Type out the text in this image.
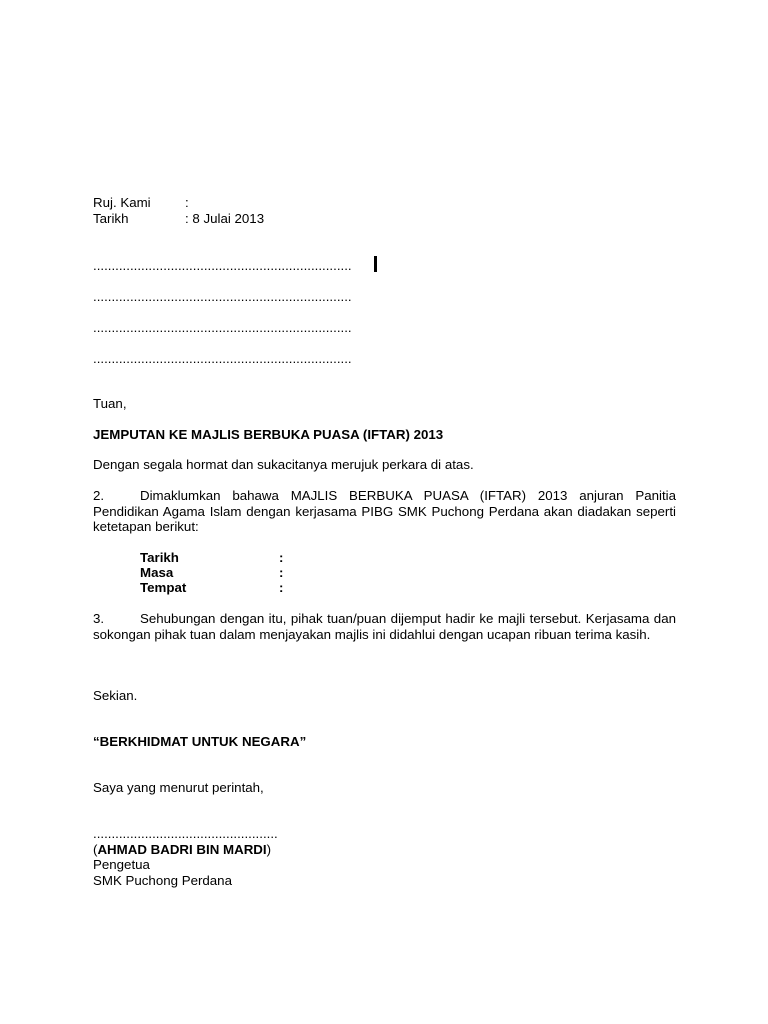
Ruj. Kami	:
Tarikh	: 8 Julai 2013
......................................................................
......................................................................
......................................................................
......................................................................
Tuan,
JEMPUTAN KE MAJLIS BERBUKA PUASA (IFTAR) 2013
Dengan segala hormat dan sukacitanya merujuk perkara di atas.
2.	Dimaklumkan bahawa MAJLIS BERBUKA PUASA (IFTAR) 2013 anjuran Panitia Pendidikan Agama Islam dengan kerjasama PIBG SMK Puchong Perdana akan diadakan seperti ketetapan berikut:
Tarikh	:
Masa	:
Tempat	:
3.	Sehubungan dengan itu, pihak tuan/puan dijemput hadir ke majli tersebut. Kerjasama dan sokongan pihak tuan dalam menjayakan majlis ini didahlui dengan ucapan ribuan terima kasih.
Sekian.
“BERKHIDMAT UNTUK NEGARA”
Saya yang menurut perintah,
..................................................
(AHMAD BADRI BIN MARDI)
Pengetua
SMK Puchong Perdana
